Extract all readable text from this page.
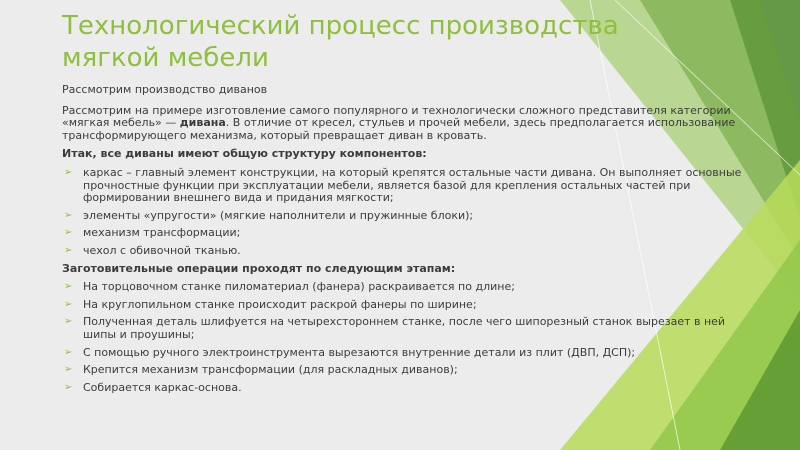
Технологический процесс производства мягкой мебели

Рассмотрим производство диванов

Рассмотрим на примере изготовление самого популярного и технологически сложного представителя категории «мягкая мебель» — дивана. В отличие от кресел, стульев и прочей мебели, здесь предполагается использование трансформирующего механизма, который превращает диван в кровать.

Итак, все диваны имеют общую структуру компонентов:

➢ каркас – главный элемент конструкции, на который крепятся остальные части дивана. Он выполняет основные прочностные функции при эксплуатации мебели, является базой для крепления остальных частей при формировании внешнего вида и придания мягкости;
➢ элементы «упругости» (мягкие наполнители и пружинные блоки);
➢ механизм трансформации;
➢ чехол с обивочной тканью.

Заготовительные операции проходят по следующим этапам:

➢ На торцовочном станке пиломатериал (фанера) раскраивается по длине;
➢ На круглопильном станке происходит раскрой фанеры по ширине;
➢ Полученная деталь шлифуется на четырехстороннем станке, после чего шипорезный станок вырезает в ней шипы и проушины;
➢ С помощью ручного электроинструмента вырезаются внутренние детали из плит (ДВП, ДСП);
➢ Крепится механизм трансформации (для раскладных диванов);
➢ Собирается каркас-основа.
